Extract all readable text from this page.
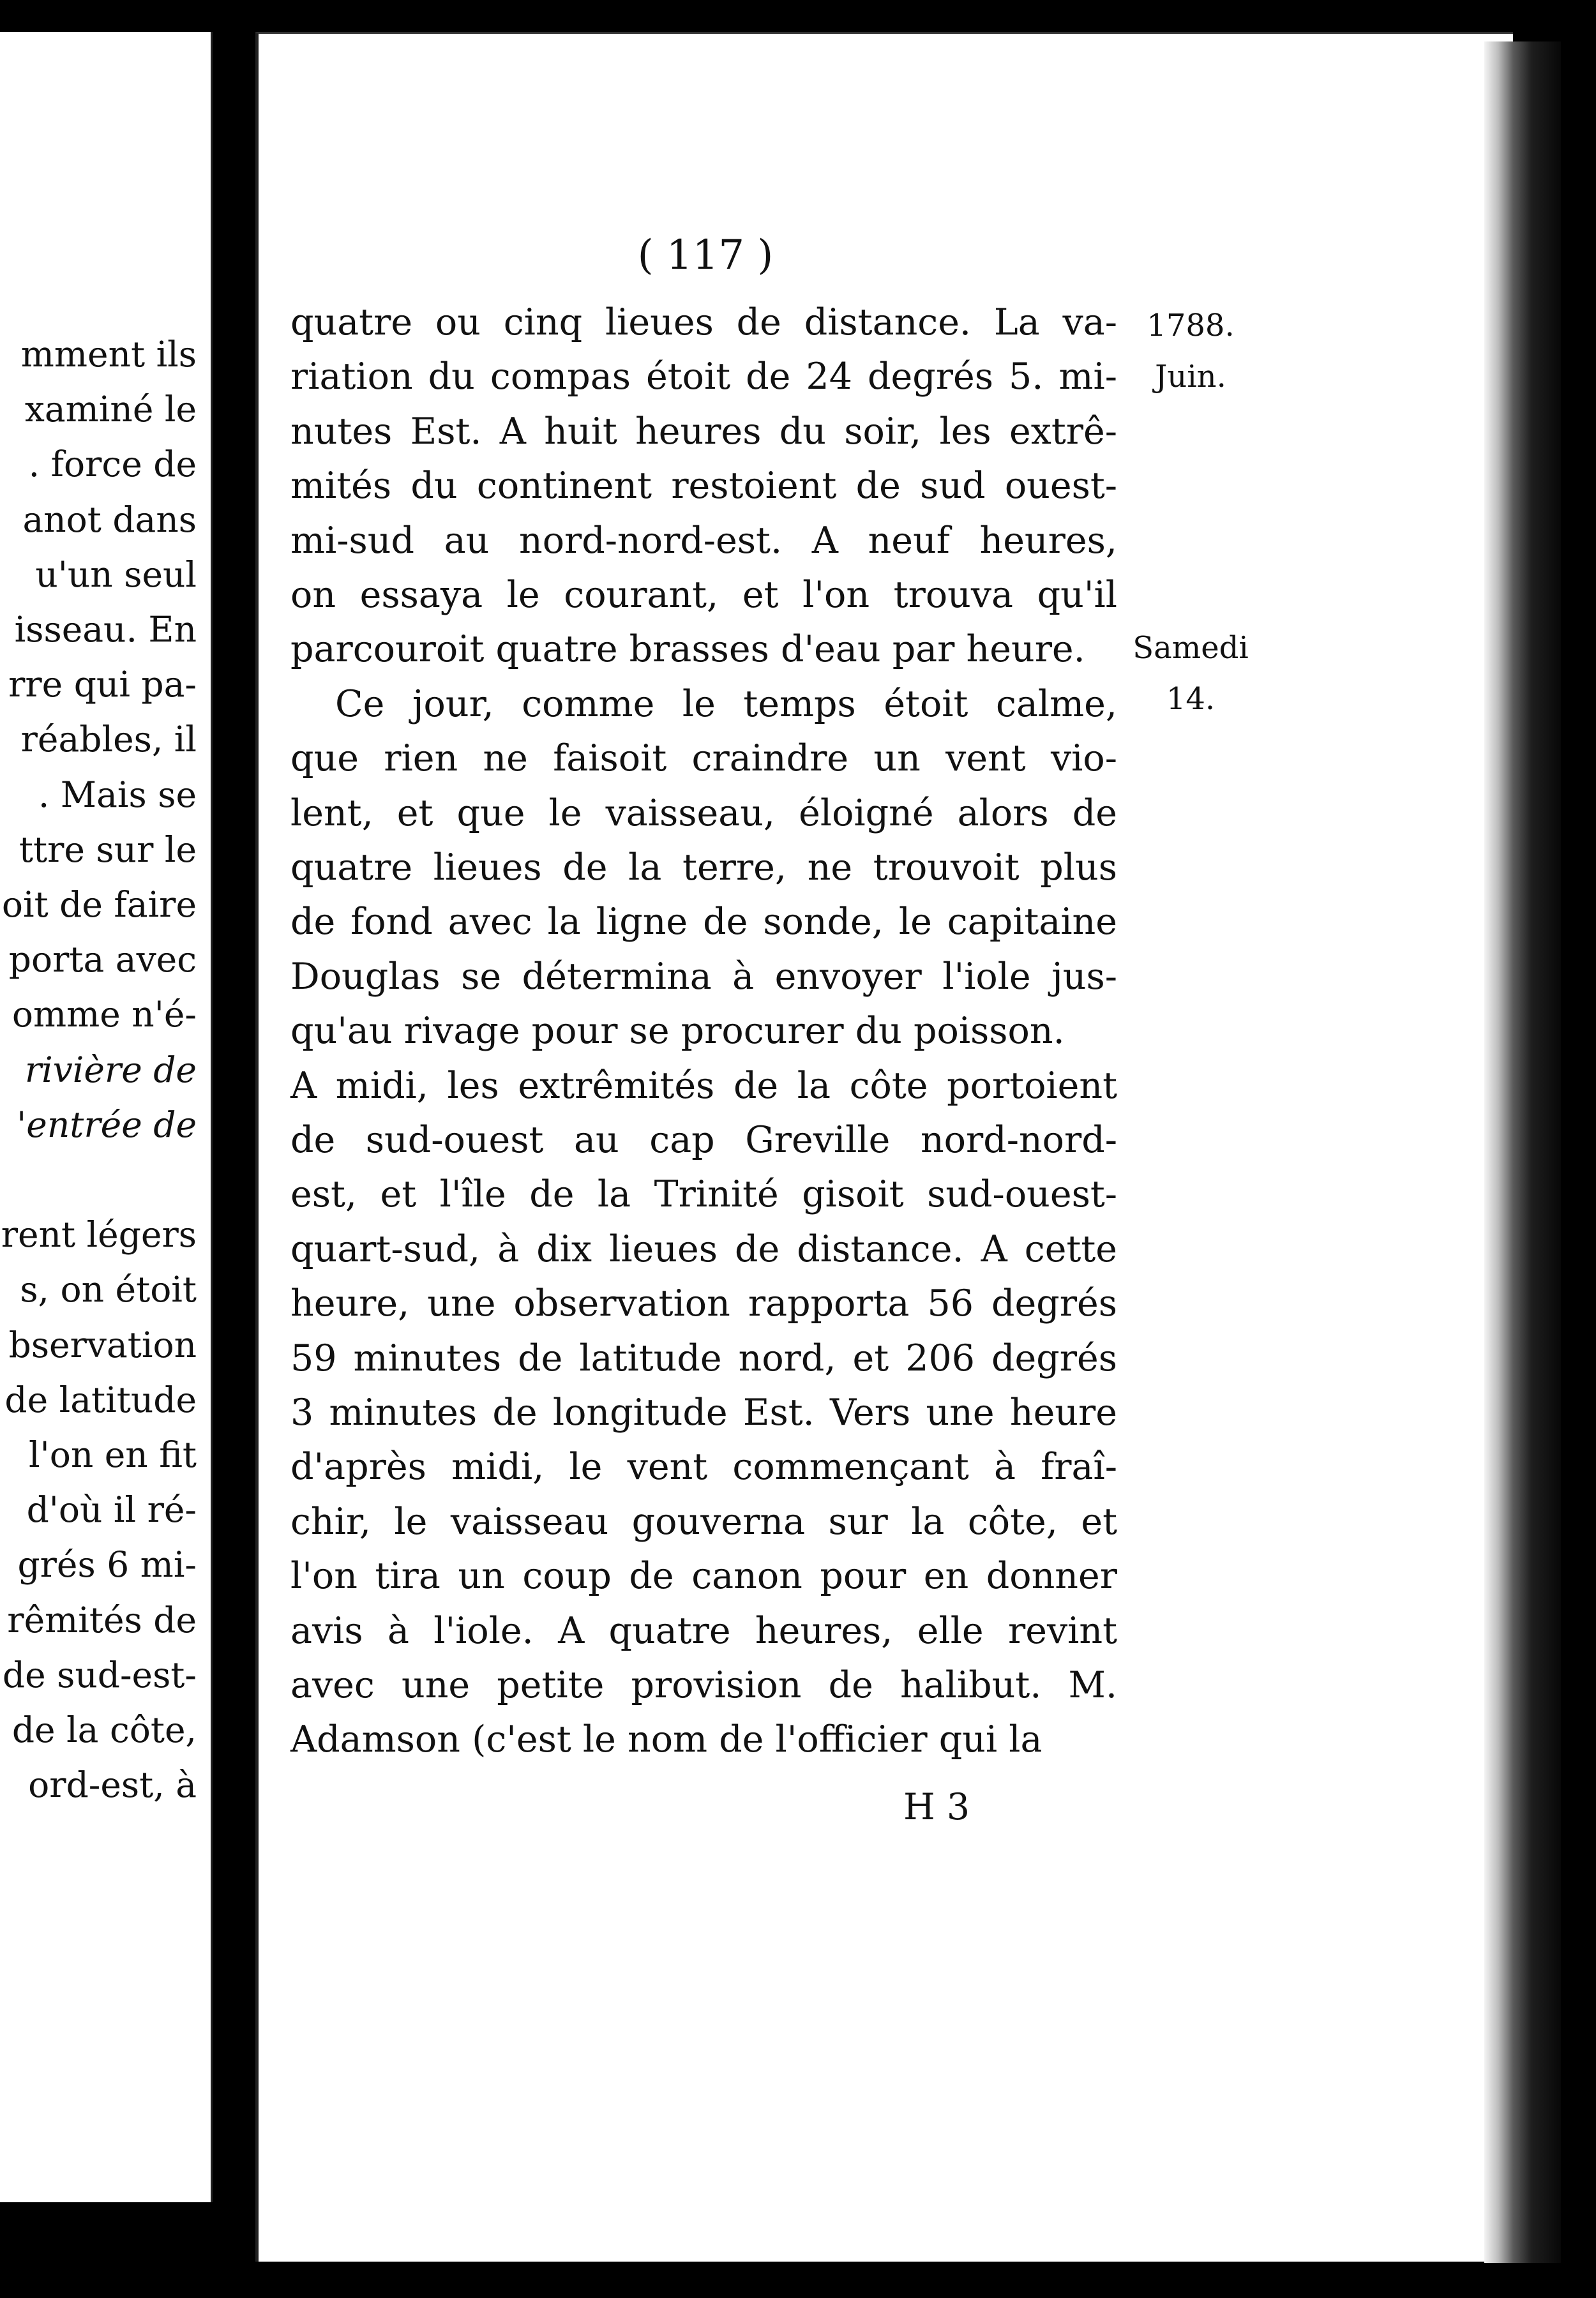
mment ils
xaminé le
. force de
anot dans
u'un seul
isseau. En
rre qui pa-
réables, il
. Mais se
ttre sur le
oit de faire
porta avec
omme n'é-
rivière de
'entrée de
rent légers
s, on étoit
bservation
de latitude
l'on en fit
d'où il ré-
grés 6 mi-
rêmités de
de sud-est-
de la côte,
ord-est, à
( 117 )
quatre ou cinq lieues de distance. La va-
riation du compas étoit de 24 degrés 5. mi-
nutes Est. A huit heures du soir, les extrê-
mités du continent restoient de sud ouest-
mi-sud au nord-nord-est. A neuf heures,
on essaya le courant, et l'on trouva qu'il
parcouroit quatre brasses d'eau par heure.
Ce jour, comme le temps étoit calme,
que rien ne faisoit craindre un vent vio-
lent, et que le vaisseau, éloigné alors de
quatre lieues de la terre, ne trouvoit plus
de fond avec la ligne de sonde, le capitaine
Douglas se détermina à envoyer l'iole jus-
qu'au rivage pour se procurer du poisson.
A midi, les extrêmités de la côte portoient
de sud-ouest au cap Greville nord-nord-
est, et l'île de la Trinité gisoit sud-ouest-
quart-sud, à dix lieues de distance. A cette
heure, une observation rapporta 56 degrés
59 minutes de latitude nord, et 206 degrés
3 minutes de longitude Est. Vers une heure
d'après midi, le vent commençant à fraî-
chir, le vaisseau gouverna sur la côte, et
l'on tira un coup de canon pour en donner
avis à l'iole. A quatre heures, elle revint
avec une petite provision de halibut. M.
Adamson (c'est le nom de l'officier qui la
H 3
1788.
Juin.
Samedi
14.
